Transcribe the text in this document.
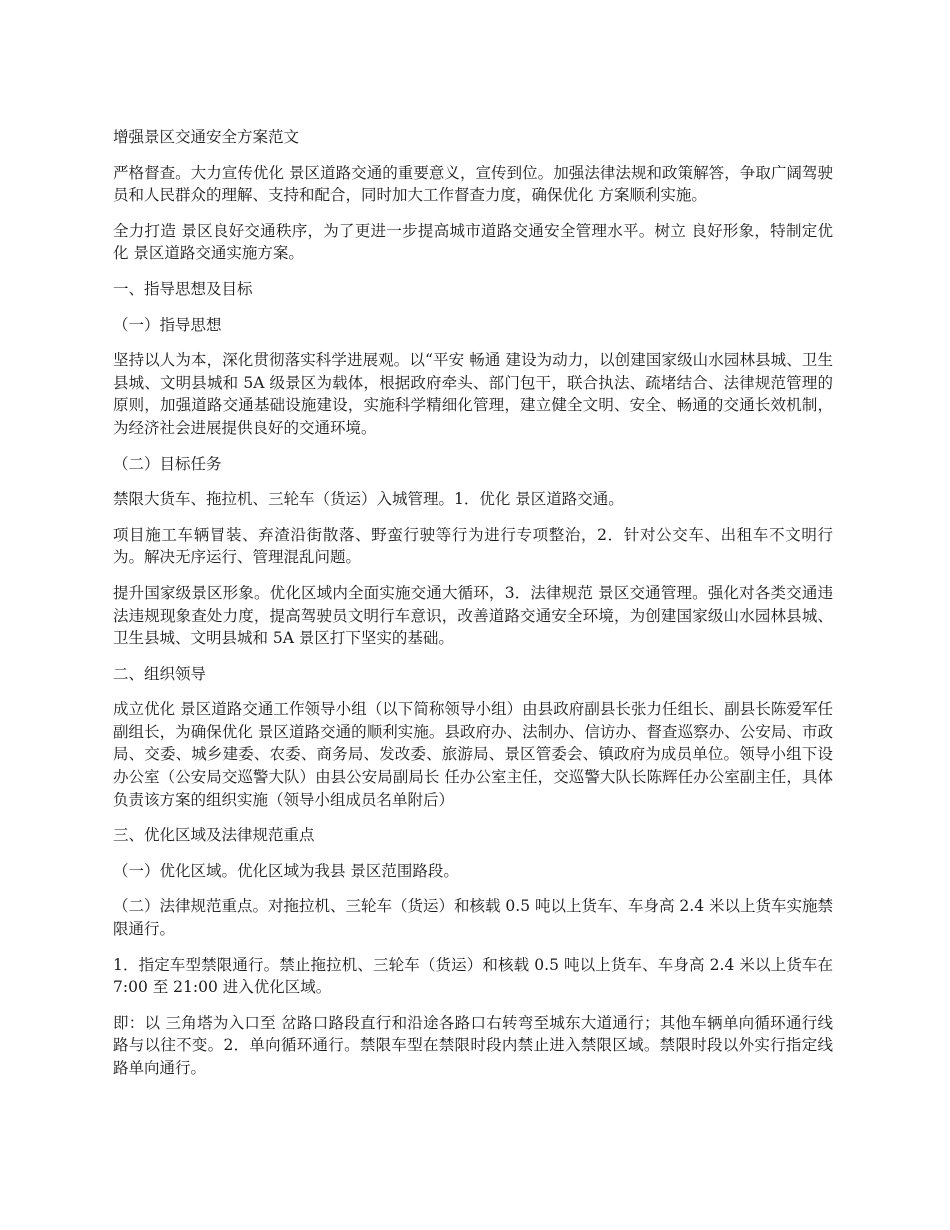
增强景区交通安全方案范文

严格督查。大力宣传优化 景区道路交通的重要意义，宣传到位。加强法律法规和政策解答，争取广阔驾驶员和人民群众的理解、支持和配合，同时加大工作督查力度，确保优化 方案顺利实施。

全力打造 景区良好交通秩序，为了更进一步提高城市道路交通安全管理水平。树立 良好形象，特制定优化 景区道路交通实施方案。

一、指导思想及目标

（一）指导思想

坚持以人为本，深化贯彻落实科学进展观。以“平安 畅通 建设为动力，以创建国家级山水园林县城、卫生县城、文明县城和 5A 级景区为载体，根据政府牵头、部门包干，联合执法、疏堵结合、法律规范管理的原则，加强道路交通基础设施建设，实施科学精细化管理，建立健全文明、安全、畅通的交通长效机制，为经济社会进展提供良好的交通环境。

（二）目标任务

禁限大货车、拖拉机、三轮车（货运）入城管理。1．优化 景区道路交通。

项目施工车辆冒装、弃渣沿街散落、野蛮行驶等行为进行专项整治，2．针对公交车、出租车不文明行为。解决无序运行、管理混乱问题。

提升国家级景区形象。优化区域内全面实施交通大循环，3．法律规范 景区交通管理。强化对各类交通违法违规现象查处力度，提高驾驶员文明行车意识，改善道路交通安全环境，为创建国家级山水园林县城、卫生县城、文明县城和 5A 景区打下坚实的基础。

二、组织领导

成立优化 景区道路交通工作领导小组（以下简称领导小组）由县政府副县长张力任组长、副县长陈爱军任副组长，为确保优化 景区道路交通的顺利实施。县政府办、法制办、信访办、督查巡察办、公安局、市政局、交委、城乡建委、农委、商务局、发改委、旅游局、景区管委会、镇政府为成员单位。领导小组下设办公室（公安局交巡警大队）由县公安局副局长 任办公室主任，交巡警大队长陈辉任办公室副主任，具体负责该方案的组织实施（领导小组成员名单附后）

三、优化区域及法律规范重点

（一）优化区域。优化区域为我县 景区范围路段。

（二）法律规范重点。对拖拉机、三轮车（货运）和核载 0.5 吨以上货车、车身高 2.4 米以上货车实施禁限通行。

1．指定车型禁限通行。禁止拖拉机、三轮车（货运）和核载 0.5 吨以上货车、车身高 2.4 米以上货车在 7:00 至 21:00 进入优化区域。

即：以 三角塔为入口至 岔路口路段直行和沿途各路口右转弯至城东大道通行；其他车辆单向循环通行线路与以往不变。2．单向循环通行。禁限车型在禁限时段内禁止进入禁限区域。禁限时段以外实行指定线路单向通行。
